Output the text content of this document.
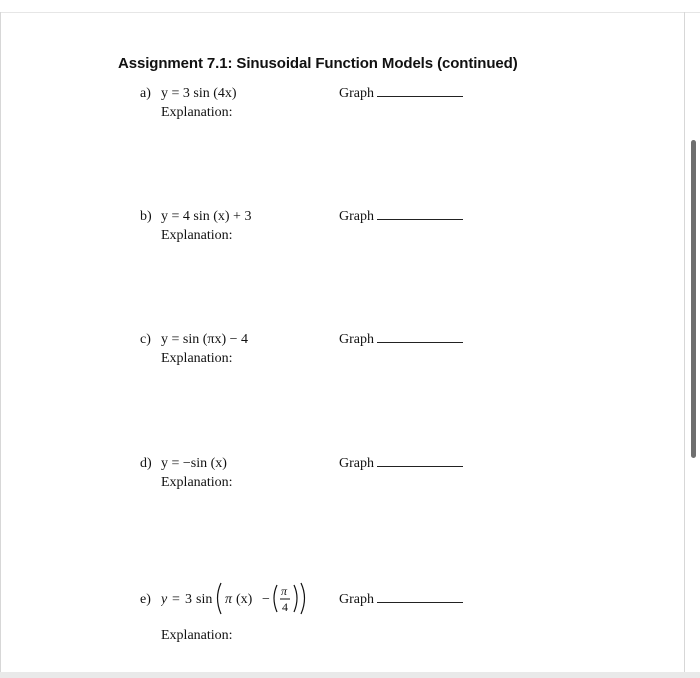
Assignment 7.1: Sinusoidal Function Models (continued)
a) y = 3 sin (4x)	Graph
Explanation:
b) y = 4 sin (x) + 3	Graph
Explanation:
c) y = sin (πx) − 4	Graph
Explanation:
d) y = −sin (x)	Graph
Explanation:
e) y = 3 sin π (x) −
π
4	Graph
Explanation:
